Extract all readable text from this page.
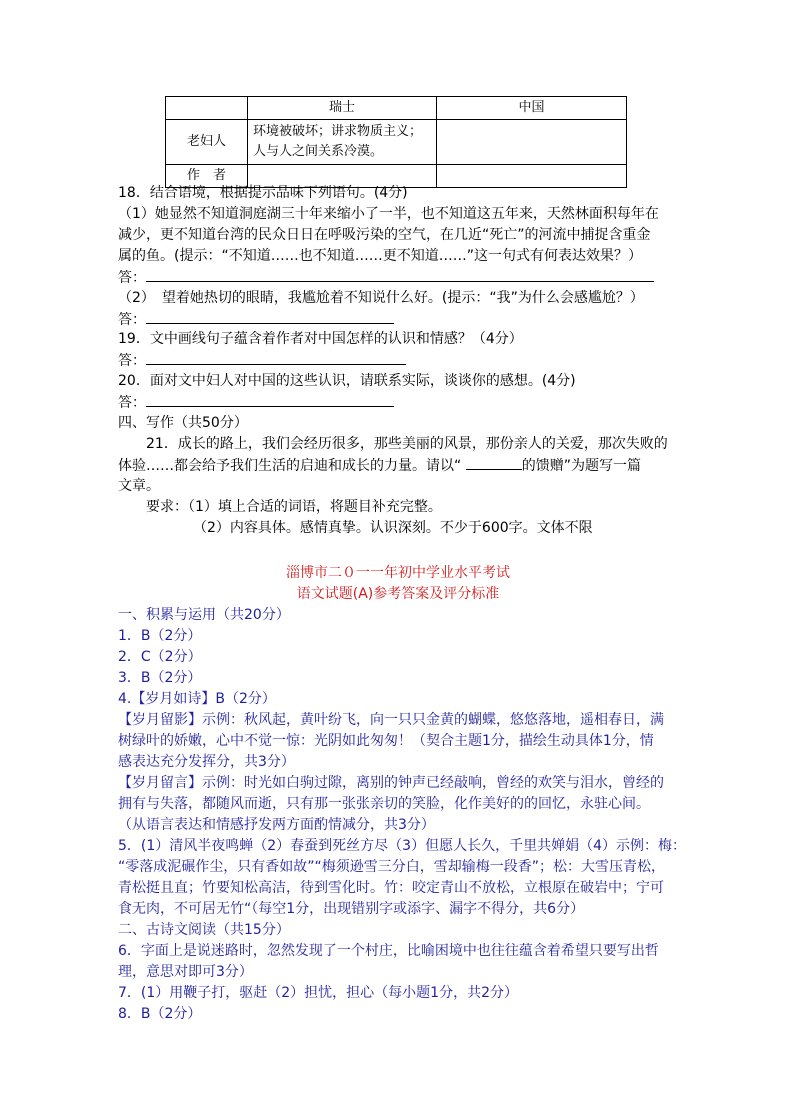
	瑞士	中国
老妇人	环境被破坏；讲求物质主义；
人与人之间关系冷漠。	
作　者		
18．结合语境，根据提示品味下列语句。(4分)
（1）她显然不知道洞庭湖三十年来缩小了一半，也不知道这五年来，天然林面积每年在
减少，更不知道台湾的民众日日在呼吸污染的空气，在几近“死亡”的河流中捕捉含重金
属的鱼。(提示：“不知道……也不知道……更不知道……”这一句式有何表达效果？）
答：
（2）　望着她热切的眼睛，我尴尬着不知说什么好。(提示：“我”为什么会感尴尬？）
答：
19．文中画线句子蕴含着作者对中国怎样的认识和情感？（4分）
答：
20．面对文中妇人对中国的这些认识，请联系实际，谈谈你的感想。(4分)
答：
四、写作（共50分）
21．成长的路上，我们会经历很多，那些美丽的风景，那份亲人的关爱，那次失败的
体验……都会给予我们生活的启迪和成长的力量。请以“	的馈赠”为题写一篇
文章。
要求：（1）填上合适的词语，将题目补充完整。
（2）内容具体。感情真挚。认识深刻。不少于600字。文体不限
淄博市二０一一年初中学业水平考试
语文试题(A)参考答案及评分标准
一、积累与运用（共20分）
1．B（2分）
2．C（2分）
3．B（2分）
4.【岁月如诗】B（2分）
【岁月留影】示例：秋风起，黄叶纷飞，向一只只金黄的蝴蝶，悠悠落地，遥相春日，满
树绿叶的娇嫩，心中不觉一惊：光阴如此匆匆！（契合主题1分，描绘生动具体1分，情
感表达充分发挥分，共3分）
【岁月留言】示例：时光如白驹过隙，离别的钟声已经敲响，曾经的欢笑与泪水，曾经的
拥有与失落，都随风而逝，只有那一张张亲切的笑脸，化作美好的的回忆，永驻心间。
（从语言表达和情感抒发两方面酌情减分，共3分）
5．(1）清风半夜鸣蝉（2）春蚕到死丝方尽（3）但愿人长久，千里共婵娟（4）示例：梅：
“零落成泥碾作尘，只有香如故”“梅须逊雪三分白，雪却输梅一段香”；松：大雪压青松，
青松挺且直；竹要知松高洁，待到雪化时。竹：咬定青山不放松，立根原在破岩中；宁可
食无肉，不可居无竹“（每空1分，出现错别字或添字、漏字不得分，共6分）
二、古诗文阅读（共15分）
6．字面上是说迷路时，忽然发现了一个村庄，比喻困境中也往往蕴含着希望只要写出哲
理，意思对即可3分）
7．(1）用鞭子打，驱赶（2）担忧，担心（每小题1分，共2分）
8．B（2分）
